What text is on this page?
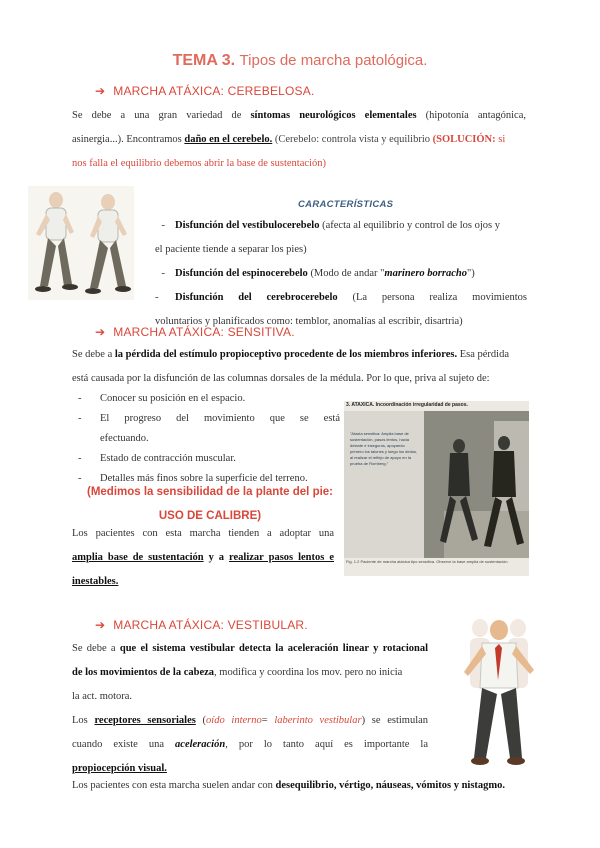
TEMA 3. Tipos de marcha patológica.
➔ MARCHA ATÁXICA: CEREBELOSA.
Se debe a una gran variedad de síntomas neurológicos elementales (hipotonía antagónica,
asinergia...). Encontramos daño en el cerebelo. (Cerebelo: controla vista y equilibrio (SOLUCIÓN: si
nos falla el equilibrio debemos abrir la base de sustentación)
CARACTERÍSTICAS
- Disfunción del vestibulocerebelo (afecta al equilibrio y control de los ojos y
el paciente tiende a separar los pies)
- Disfunción del espinocerebelo (Modo de andar "marinero borracho")
- Disfunción del cerebrocerebelo (La persona realiza movimientos
voluntarios y planificados como: temblor, anomalías al escribir, disartria)
➔ MARCHA ATÁXICA: SENSITIVA.
Se debe a la pérdida del estímulo propioceptivo procedente de los miembros inferiores. Esa pérdida
está causada por la disfunción de las columnas dorsales de la médula. Por lo que, priva al sujeto de:
- Conocer su posición en el espacio.
- El progreso del movimiento que se está
efectuando.
- Estado de contracción muscular.
- Detalles más finos sobre la superficie del terreno.
(Medimos la sensibilidad de la plante del pie:
USO DE CALIBRE)
3. ATAXICA. Incoordinación irregularidad de pasos.
"Ataxia sensitiva: Amplia base de sustentación, pasos lentos, hacia delante e inseguros, apoyando primero los talones y luego los dedos, al realizar el reflejo de apoyo en la prueba de Romberg."
Fig. 1.2 Paciente de marcha atáxica tipo sensitiva. Observe la base amplia de sustentación.
Los pacientes con esta marcha tienden a adoptar una
amplia base de sustentación y a realizar pasos lentos e
inestables.
➔ MARCHA ATÁXICA: VESTIBULAR.
Se debe a que el sistema vestibular detecta la aceleración linear y rotacional
de los movimientos de la cabeza, modifica y coordina los mov. pero no inicia
la act. motora.
Los receptores sensoriales (oído interno= laberinto vestibular) se estimulan
cuando existe una aceleración, por lo tanto aquí es importante la
propiocepción visual.
Los pacientes con esta marcha suelen andar con desequilibrio, vértigo, náuseas, vómitos y nistagmo.
